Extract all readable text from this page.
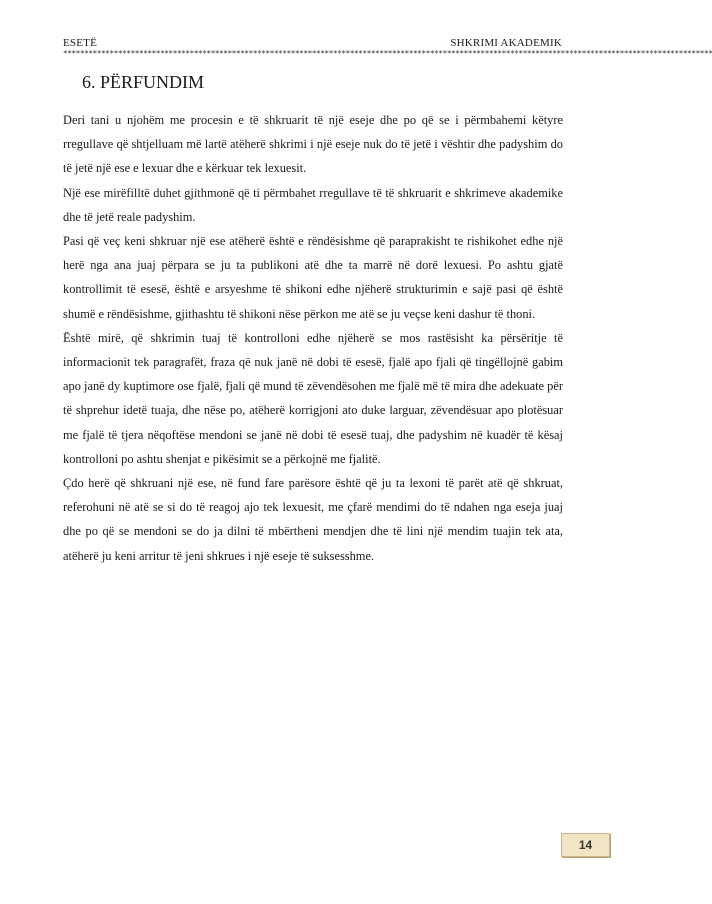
ESETË	SHKRIMI AKADEMIK
**********************************************************************************************************************************************************
6. PËRFUNDIM

Deri tani u njohëm me procesin e të shkruarit të një eseje dhe po që se i përmbahemi këtyre rregullave që shtjelluam më lartë atëherë shkrimi i një eseje nuk do të jetë i vështir dhe padyshim do të jetë një ese e lexuar dhe e kërkuar tek lexuesit.

Një ese mirëfilltë duhet gjithmonë që ti përmbahet rregullave të të shkruarit e shkrimeve akademike dhe të jetë reale padyshim.

Pasi që veç keni shkruar një ese atëherë është e rëndësishme që paraprakisht te rishikohet edhe një herë nga ana juaj përpara se ju ta publikoni atë dhe ta marrë në dorë lexuesi. Po ashtu gjatë kontrollimit të esesë, është e arsyeshme të shikoni edhe njëherë strukturimin e sajë pasi që është shumë e rëndësishme, gjithashtu të shikoni nëse përkon me atë se ju veçse keni dashur të thoni.

Është mirë, që shkrimin tuaj të kontrolloni edhe njëherë se mos rastësisht ka përsëritje të informacionit tek paragrafët, fraza që nuk janë në dobi të esesë, fjalë apo fjali që tingëllojnë gabim apo janë dy kuptimore ose fjalë, fjali që mund të zëvendësohen me fjalë më të mira dhe adekuate për të shprehur idetë tuaja, dhe nëse po, atëherë korrigjoni ato duke larguar, zëvendësuar apo plotësuar me fjalë të tjera nëqoftëse mendoni se janë në dobi të esesë tuaj, dhe padyshim në kuadër të kësaj kontrolloni po ashtu shenjat e pikësimit se a përkojnë me fjalitë.

Çdo herë që shkruani një ese, në fund fare parësore është që ju ta lexoni të parët atë që shkruat, referohuni në atë se si do të reagoj ajo tek lexuesit, me çfarë mendimi do të ndahen nga eseja juaj dhe po që se mendoni se do ja dilni të mbërtheni mendjen dhe të lini një mendim tuajin tek ata, atëherë ju keni arritur të jeni shkrues i një eseje të suksesshme.

14
